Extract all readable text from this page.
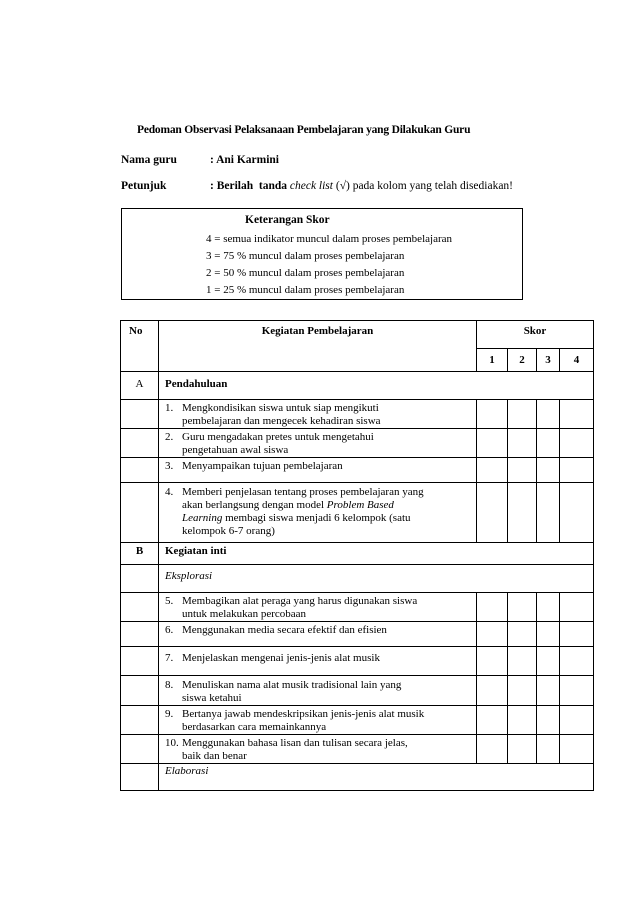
Pedoman Observasi Pelaksanaan Pembelajaran yang Dilakukan Guru
Nama guru	: Ani Karmini
Petunjuk	: Berilah  tanda check list (√) pada kolom yang telah disediakan!
Keterangan Skor
4 = semua indikator muncul dalam proses pembelajaran
3 = 75 % muncul dalam proses pembelajaran
2 = 50 % muncul dalam proses pembelajaran
1 = 25 % muncul dalam proses pembelajaran
No	Kegiatan Pembelajaran	Skor			
		1	2	3	4
A	Pendahuluan				

	1. Mengkondisikan siswa untuk siap mengikuti
pembelajaran dan mengecek kehadiran siswa				

	2. Guru mengadakan pretes untuk mengetahui
pengetahuan awal siswa				

	3. Menyampaikan tujuan pembelajaran				

	4. Memberi penjelasan tentang proses pembelajaran yang
akan berlangsung dengan model Problem Based
Learning membagi siswa menjadi 6 kelompok (satu
kelompok 6-7 orang)				

B	Kegiatan inti				
	Eksplorasi				

	5. Membagikan alat peraga yang harus digunakan siswa
untuk melakukan percobaan				

	6. Menggunakan media secara efektif dan efisien				

	7. Menjelaskan mengenai jenis-jenis alat musik				

	8. Menuliskan nama alat musik tradisional lain yang
siswa ketahui				

	9. Bertanya jawab mendeskripsikan jenis-jenis alat musik
berdasarkan cara memainkannya				

	10. Menggunakan bahasa lisan dan tulisan secara jelas,
baik dan benar				

	Elaborasi				
